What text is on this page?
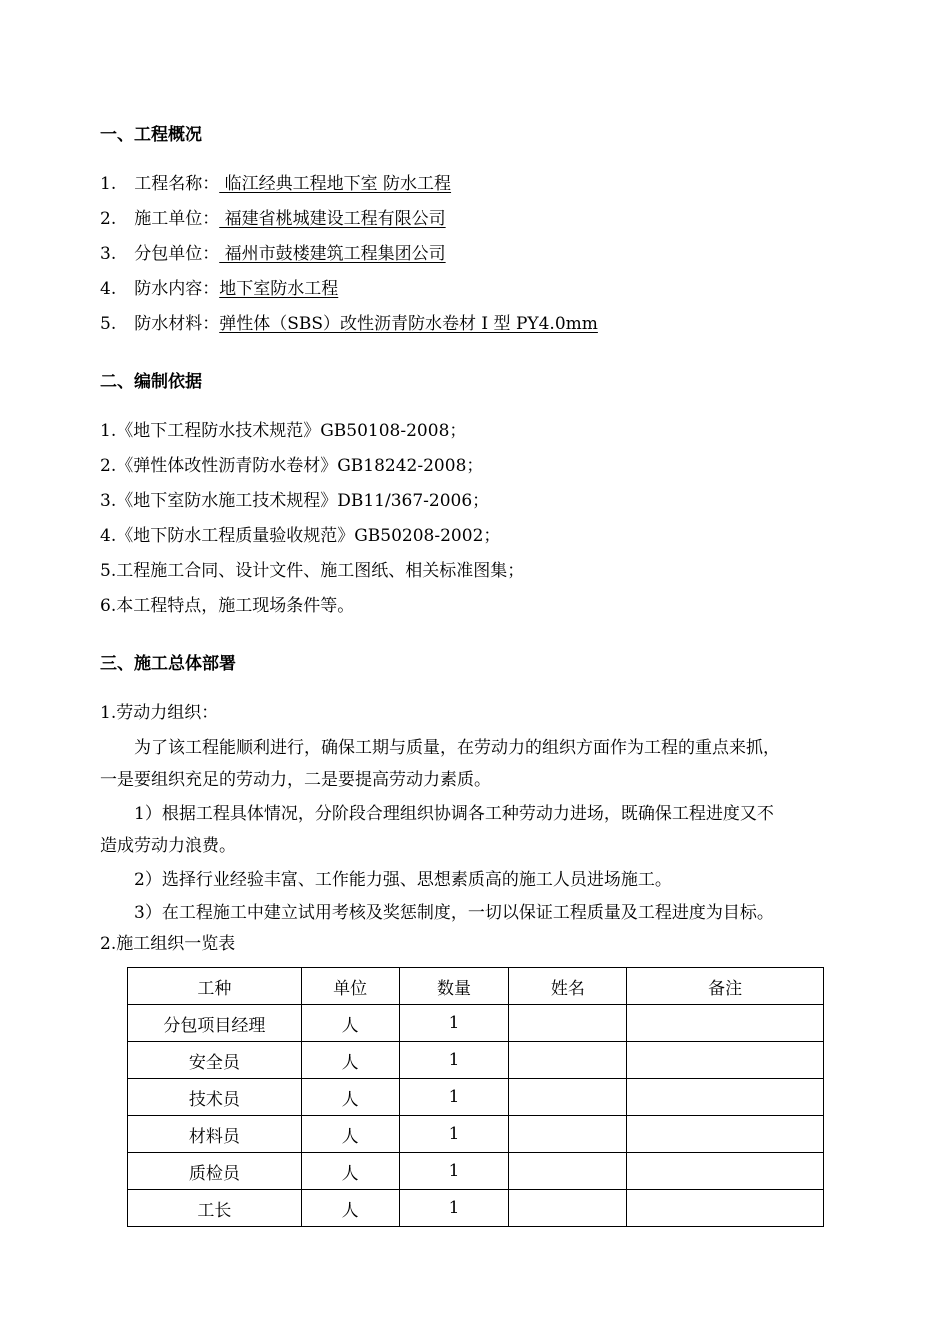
一、工程概况
1. 工程名称： 临江经典工程地下室 防水工程
2. 施工单位： 福建省桃城建设工程有限公司
3. 分包单位： 福州市鼓楼建筑工程集团公司
4. 防水内容：地下室防水工程
5. 防水材料：弹性体（SBS）改性沥青防水卷材 I 型 PY4.0mm
二、编制依据
1.《地下工程防水技术规范》GB50108-2008；
2.《弹性体改性沥青防水卷材》GB18242-2008；
3.《地下室防水施工技术规程》DB11/367-2006；
4.《地下防水工程质量验收规范》GB50208-2002；
5.工程施工合同、设计文件、施工图纸、相关标准图集；
6.本工程特点，施工现场条件等。
三、施工总体部署
1.劳动力组织：
为了该工程能顺利进行，确保工期与质量，在劳动力的组织方面作为工程的重点来抓，
一是要组织充足的劳动力，二是要提高劳动力素质。
1）根据工程具体情况，分阶段合理组织协调各工种劳动力进场，既确保工程进度又不
造成劳动力浪费。
2）选择行业经验丰富、工作能力强、思想素质高的施工人员进场施工。
3）在工程施工中建立试用考核及奖惩制度，一切以保证工程质量及工程进度为目标。
2.施工组织一览表
工种	单位	数量	姓名	备注
分包项目经理	人	1		
安全员	人	1		
技术员	人	1		
材料员	人	1		
质检员	人	1		
工长	人	1		
